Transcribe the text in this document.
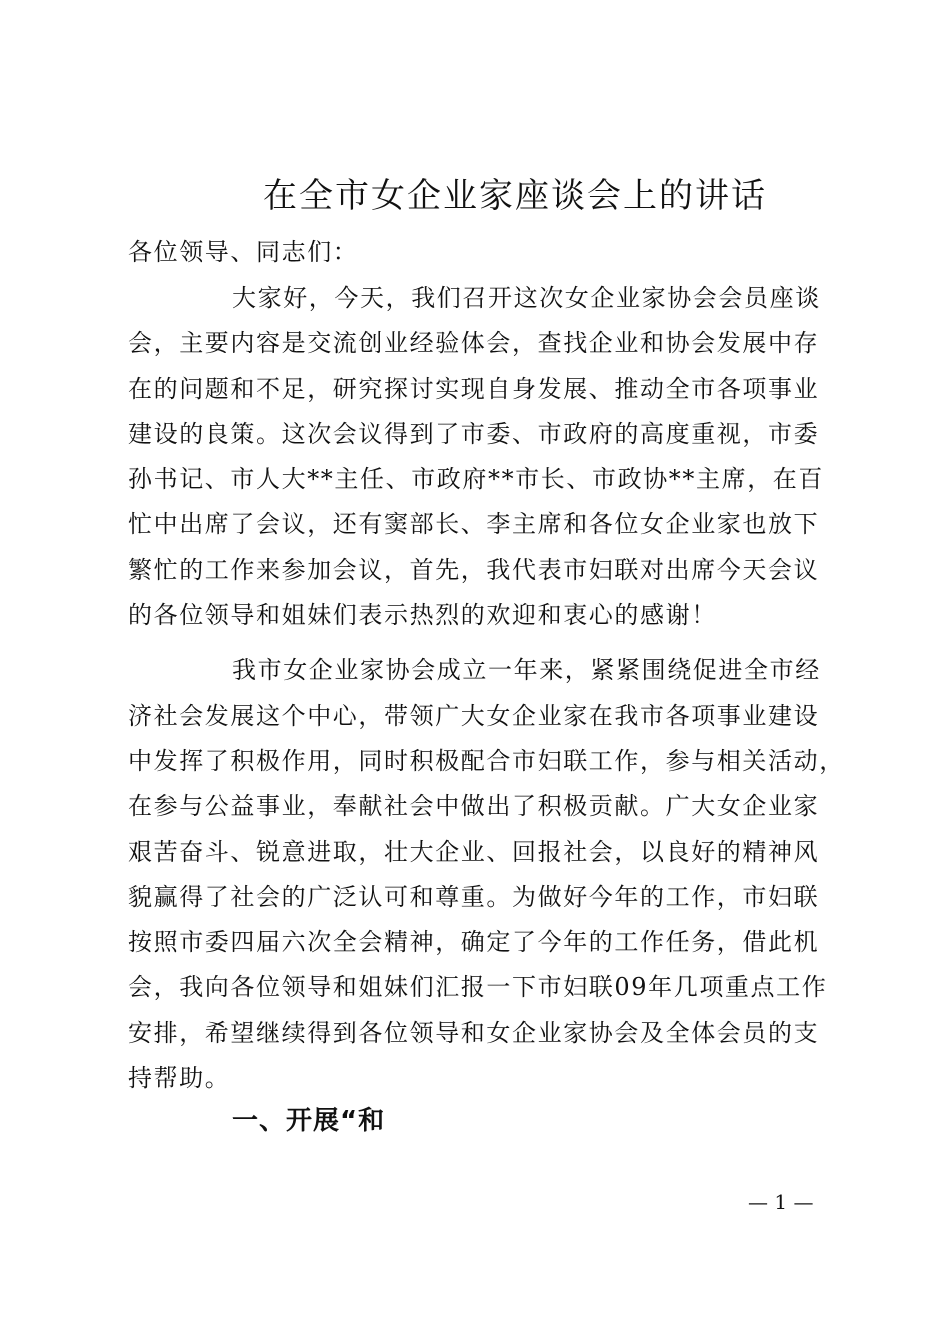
在全市女企业家座谈会上的讲话
各位领导、同志们：
大家好，今天，我们召开这次女企业家协会会员座谈
会，主要内容是交流创业经验体会，查找企业和协会发展中存
在的问题和不足，研究探讨实现自身发展、推动全市各项事业
建设的良策。这次会议得到了市委、市政府的高度重视，市委
孙书记、市人大**主任、市政府**市长、市政协**主席，在百
忙中出席了会议，还有窦部长、李主席和各位女企业家也放下
繁忙的工作来参加会议，首先，我代表市妇联对出席今天会议
的各位领导和姐妹们表示热烈的欢迎和衷心的感谢！
我市女企业家协会成立一年来，紧紧围绕促进全市经
济社会发展这个中心，带领广大女企业家在我市各项事业建设
中发挥了积极作用，同时积极配合市妇联工作，参与相关活动，
在参与公益事业，奉献社会中做出了积极贡献。广大女企业家
艰苦奋斗、锐意进取，壮大企业、回报社会，以良好的精神风
貌赢得了社会的广泛认可和尊重。为做好今年的工作，市妇联
按照市委四届六次全会精神，确定了今年的工作任务，借此机
会，我向各位领导和姐妹们汇报一下市妇联09年几项重点工作
安排，希望继续得到各位领导和女企业家协会及全体会员的支
持帮助。
一、开展“和
— 1 —
